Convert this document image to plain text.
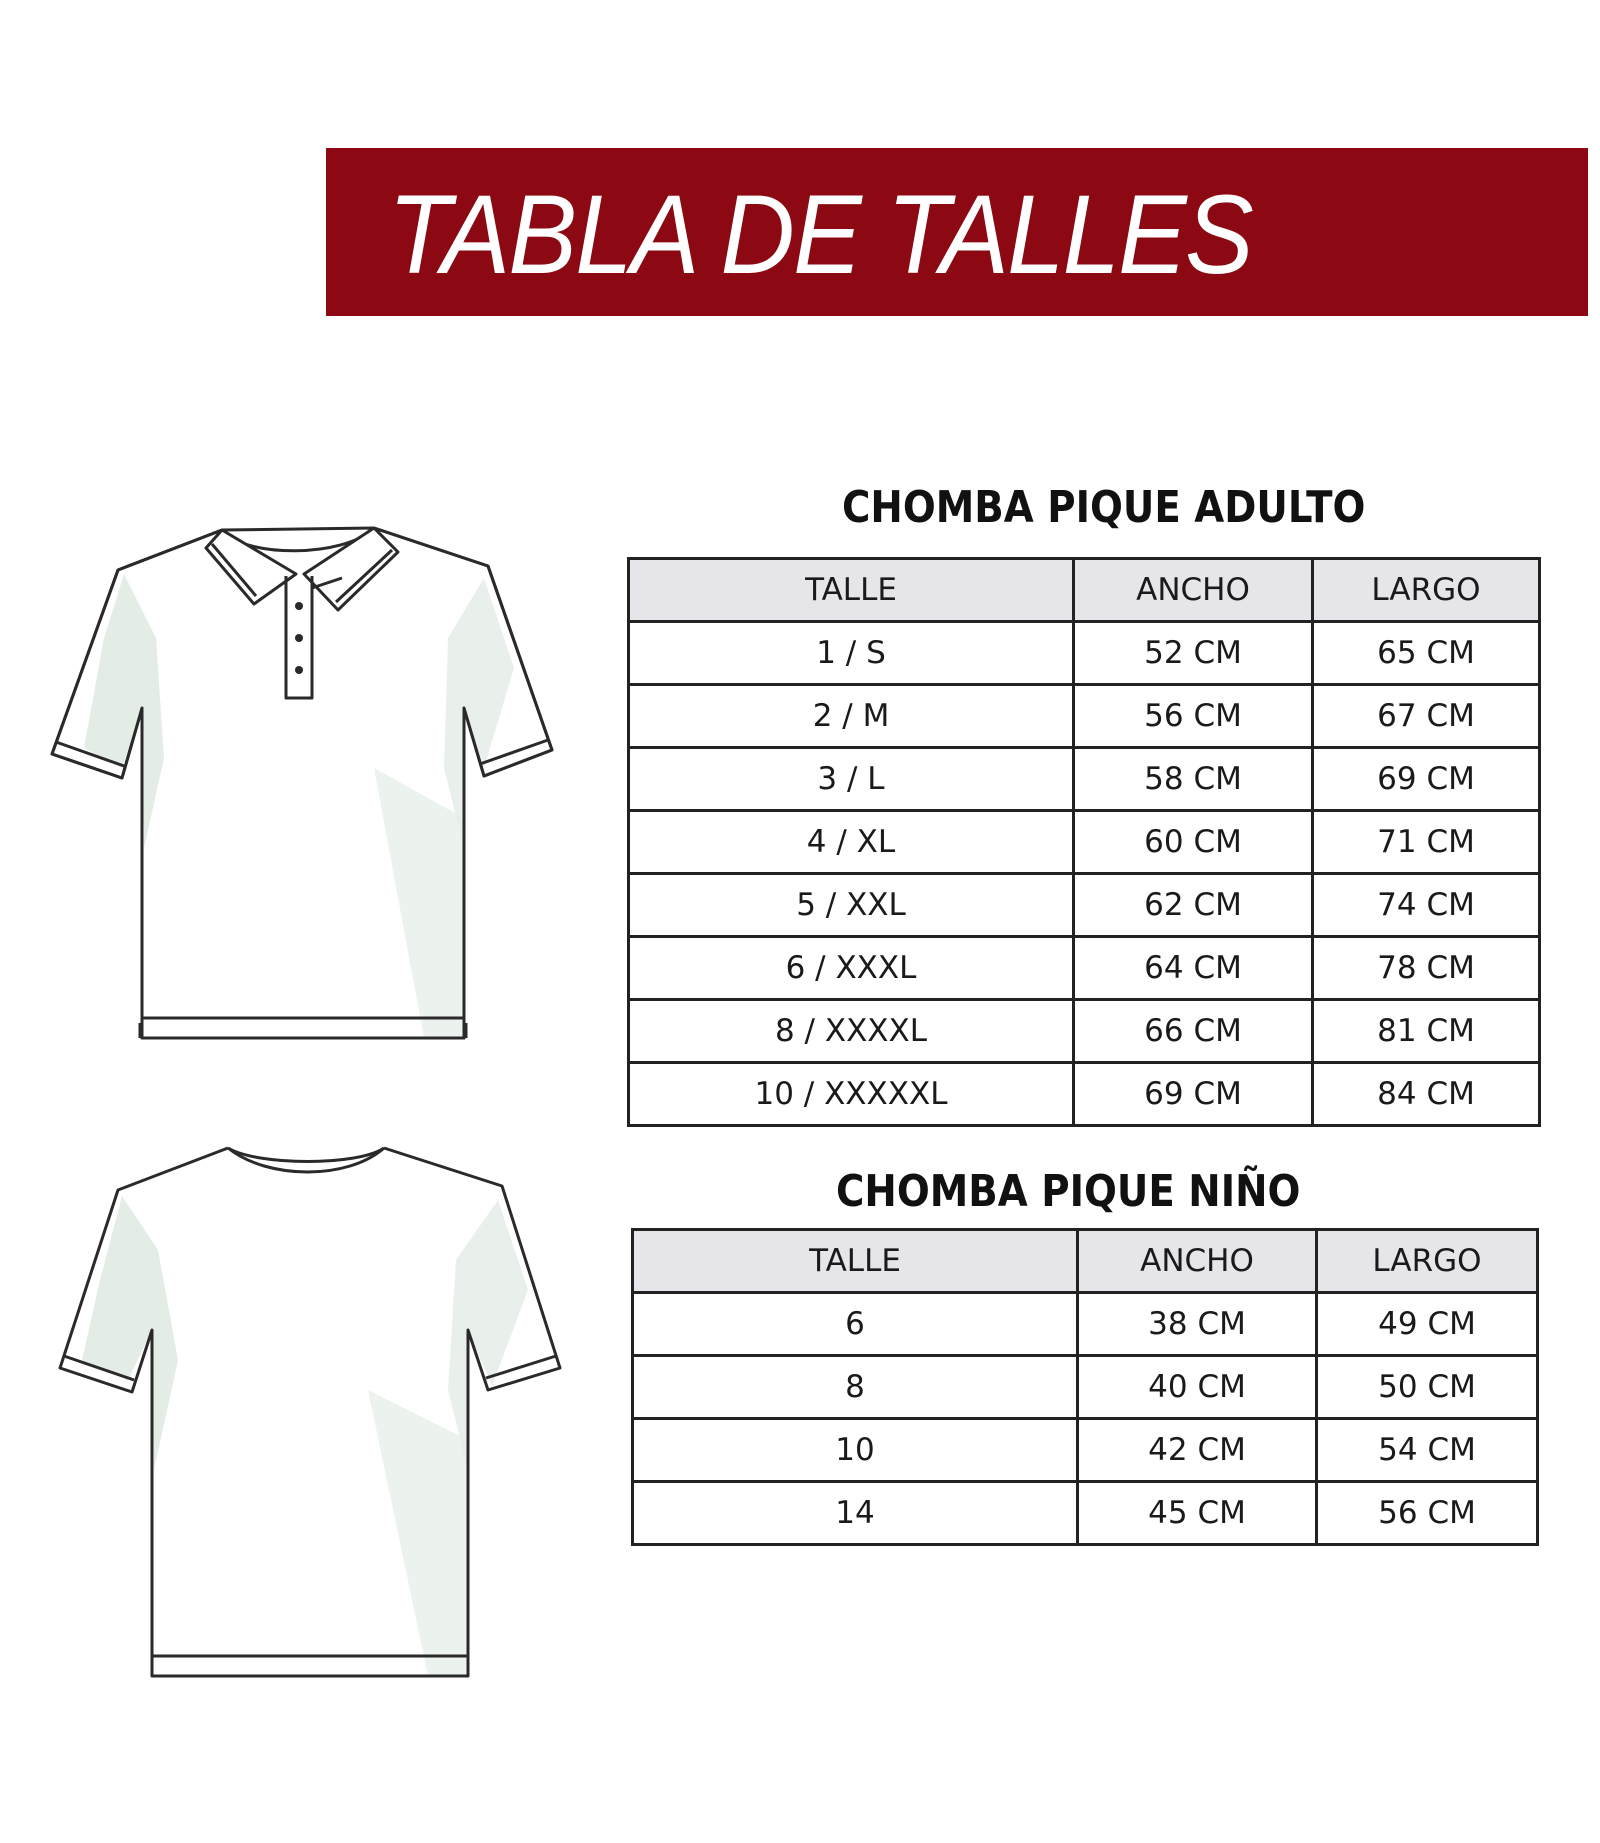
TABLA DE TALLES
CHOMBA PIQUE ADULTO
TALLE	ANCHO	LARGO
1 / S	52 CM	65 CM
2 / M	56 CM	67 CM
3 / L	58 CM	69 CM
4 / XL	60 CM	71 CM
5 / XXL	62 CM	74 CM
6 / XXXL	64 CM	78 CM
8 / XXXXL	66 CM	81 CM
10 / XXXXXL	69 CM	84 CM
CHOMBA PIQUE NIÑO
TALLE	ANCHO	LARGO
6	38 CM	49 CM
8	40 CM	50 CM
10	42 CM	54 CM
14	45 CM	56 CM
